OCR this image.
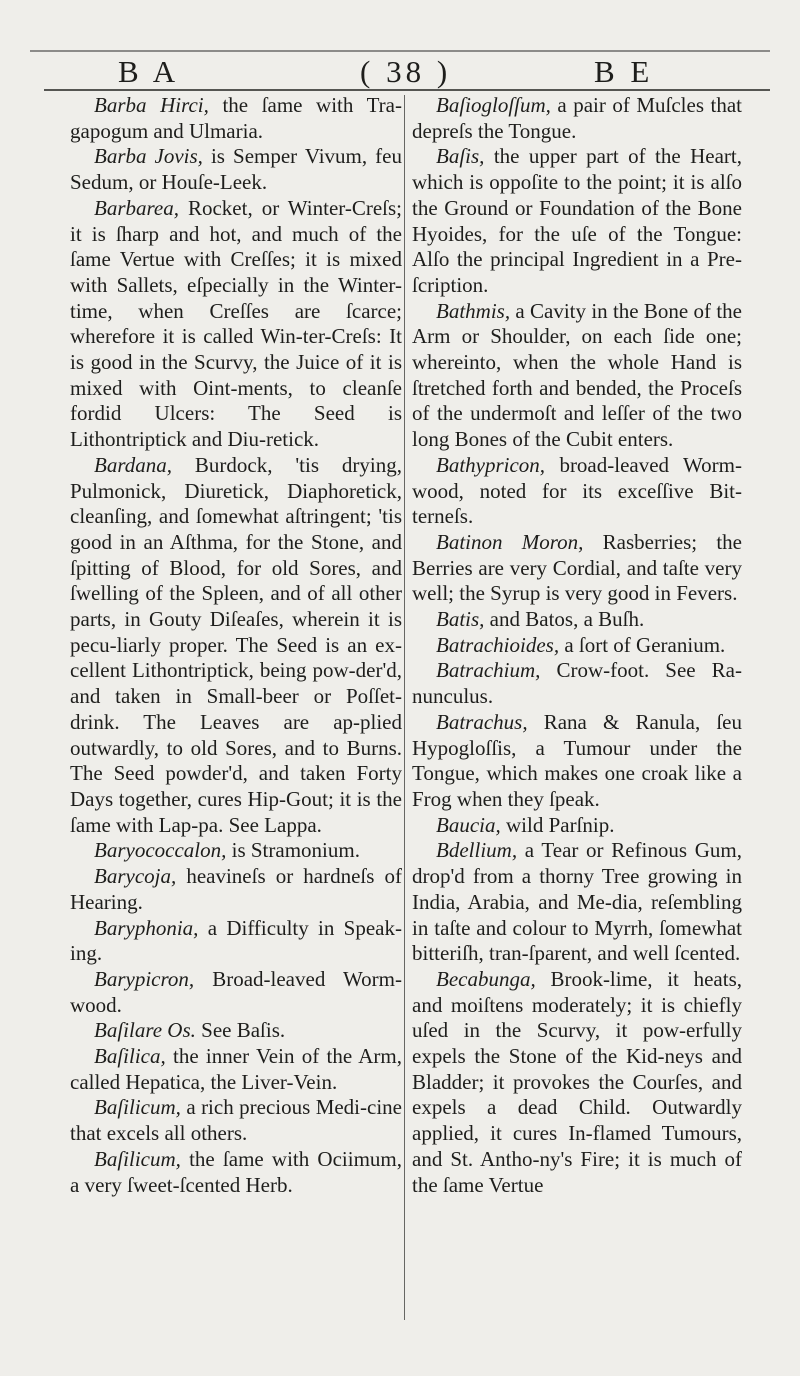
B A	( 38 )	B E

Barba Hirci, the ſame with Tra-gapogum and Ulmaria.

Barba Jovis, is Semper Vivum, feu Sedum, or Houſe-Leek.

Barbarea, Rocket, or Winter-Creſs; it is ſharp and hot, and much of the ſame Vertue with Creſſes; it is mixed with Sallets, eſpecially in the Winter-time, when Creſſes are ſcarce; wherefore it is called Win-ter-Creſs: It is good in the Scurvy, the Juice of it is mixed with Oint-ments, to cleanſe fordid Ulcers: The Seed is Lithontriptick and Diu-retick.

Bardana, Burdock, 'tis drying, Pulmonick, Diuretick, Diaphoretick, cleanſing, and ſomewhat aſtringent; 'tis good in an Aſthma, for the Stone, and ſpitting of Blood, for old Sores, and ſwelling of the Spleen, and of all other parts, in Gouty Diſeaſes, wherein it is pecu-liarly proper. The Seed is an ex-cellent Lithontriptick, being pow-der'd, and taken in Small-beer or Poſſet-drink. The Leaves are ap-plied outwardly, to old Sores, and to Burns. The Seed powder'd, and taken Forty Days together, cures Hip-Gout; it is the ſame with Lap-pa. See Lappa.

Baryococcalon, is Stramonium.

Barycoja, heavineſs or hardneſs of Hearing.

Baryphonia, a Difficulty in Speak-ing.

Barypicron, Broad-leaved Worm-wood.

Baſilare Os. See Baſis.

Baſilica, the inner Vein of the Arm, called Hepatica, the Liver-Vein.

Baſilicum, a rich precious Medi-cine that excels all others.

Baſilicum, the ſame with Ociimum, a very ſweet-ſcented Herb.

Baſiogloſſum, a pair of Muſcles that depreſs the Tongue.

Baſis, the upper part of the Heart, which is oppoſite to the point; it is alſo the Ground or Foundation of the Bone Hyoides, for the uſe of the Tongue: Alſo the principal Ingredient in a Pre-ſcription.

Bathmis, a Cavity in the Bone of the Arm or Shoulder, on each ſide one; whereinto, when the whole Hand is ſtretched forth and bended, the Proceſs of the undermoſt and leſſer of the two long Bones of the Cubit enters.

Bathypricon, broad-leaved Worm-wood, noted for its exceſſive Bit-terneſs.

Batinon Moron, Rasberries; the Berries are very Cordial, and taſte very well; the Syrup is very good in Fevers.

Batis, and Batos, a Buſh.

Batrachioides, a ſort of Geranium.

Batrachium, Crow-foot. See Ra-nunculus.

Batrachus, Rana & Ranula, ſeu Hypogloſſis, a Tumour under the Tongue, which makes one croak like a Frog when they ſpeak.

Baucia, wild Parſnip.

Bdellium, a Tear or Refinous Gum, drop'd from a thorny Tree growing in India, Arabia, and Me-dia, reſembling in taſte and colour to Myrrh, ſomewhat bitteriſh, tran-ſparent, and well ſcented.

Becabunga, Brook-lime, it heats, and moiſtens moderately; it is chiefly uſed in the Scurvy, it pow-erfully expels the Stone of the Kid-neys and Bladder; it provokes the Courſes, and expels a dead Child. Outwardly applied, it cures In-flamed Tumours, and St. Antho-ny's Fire; it is much of the ſame Vertue
